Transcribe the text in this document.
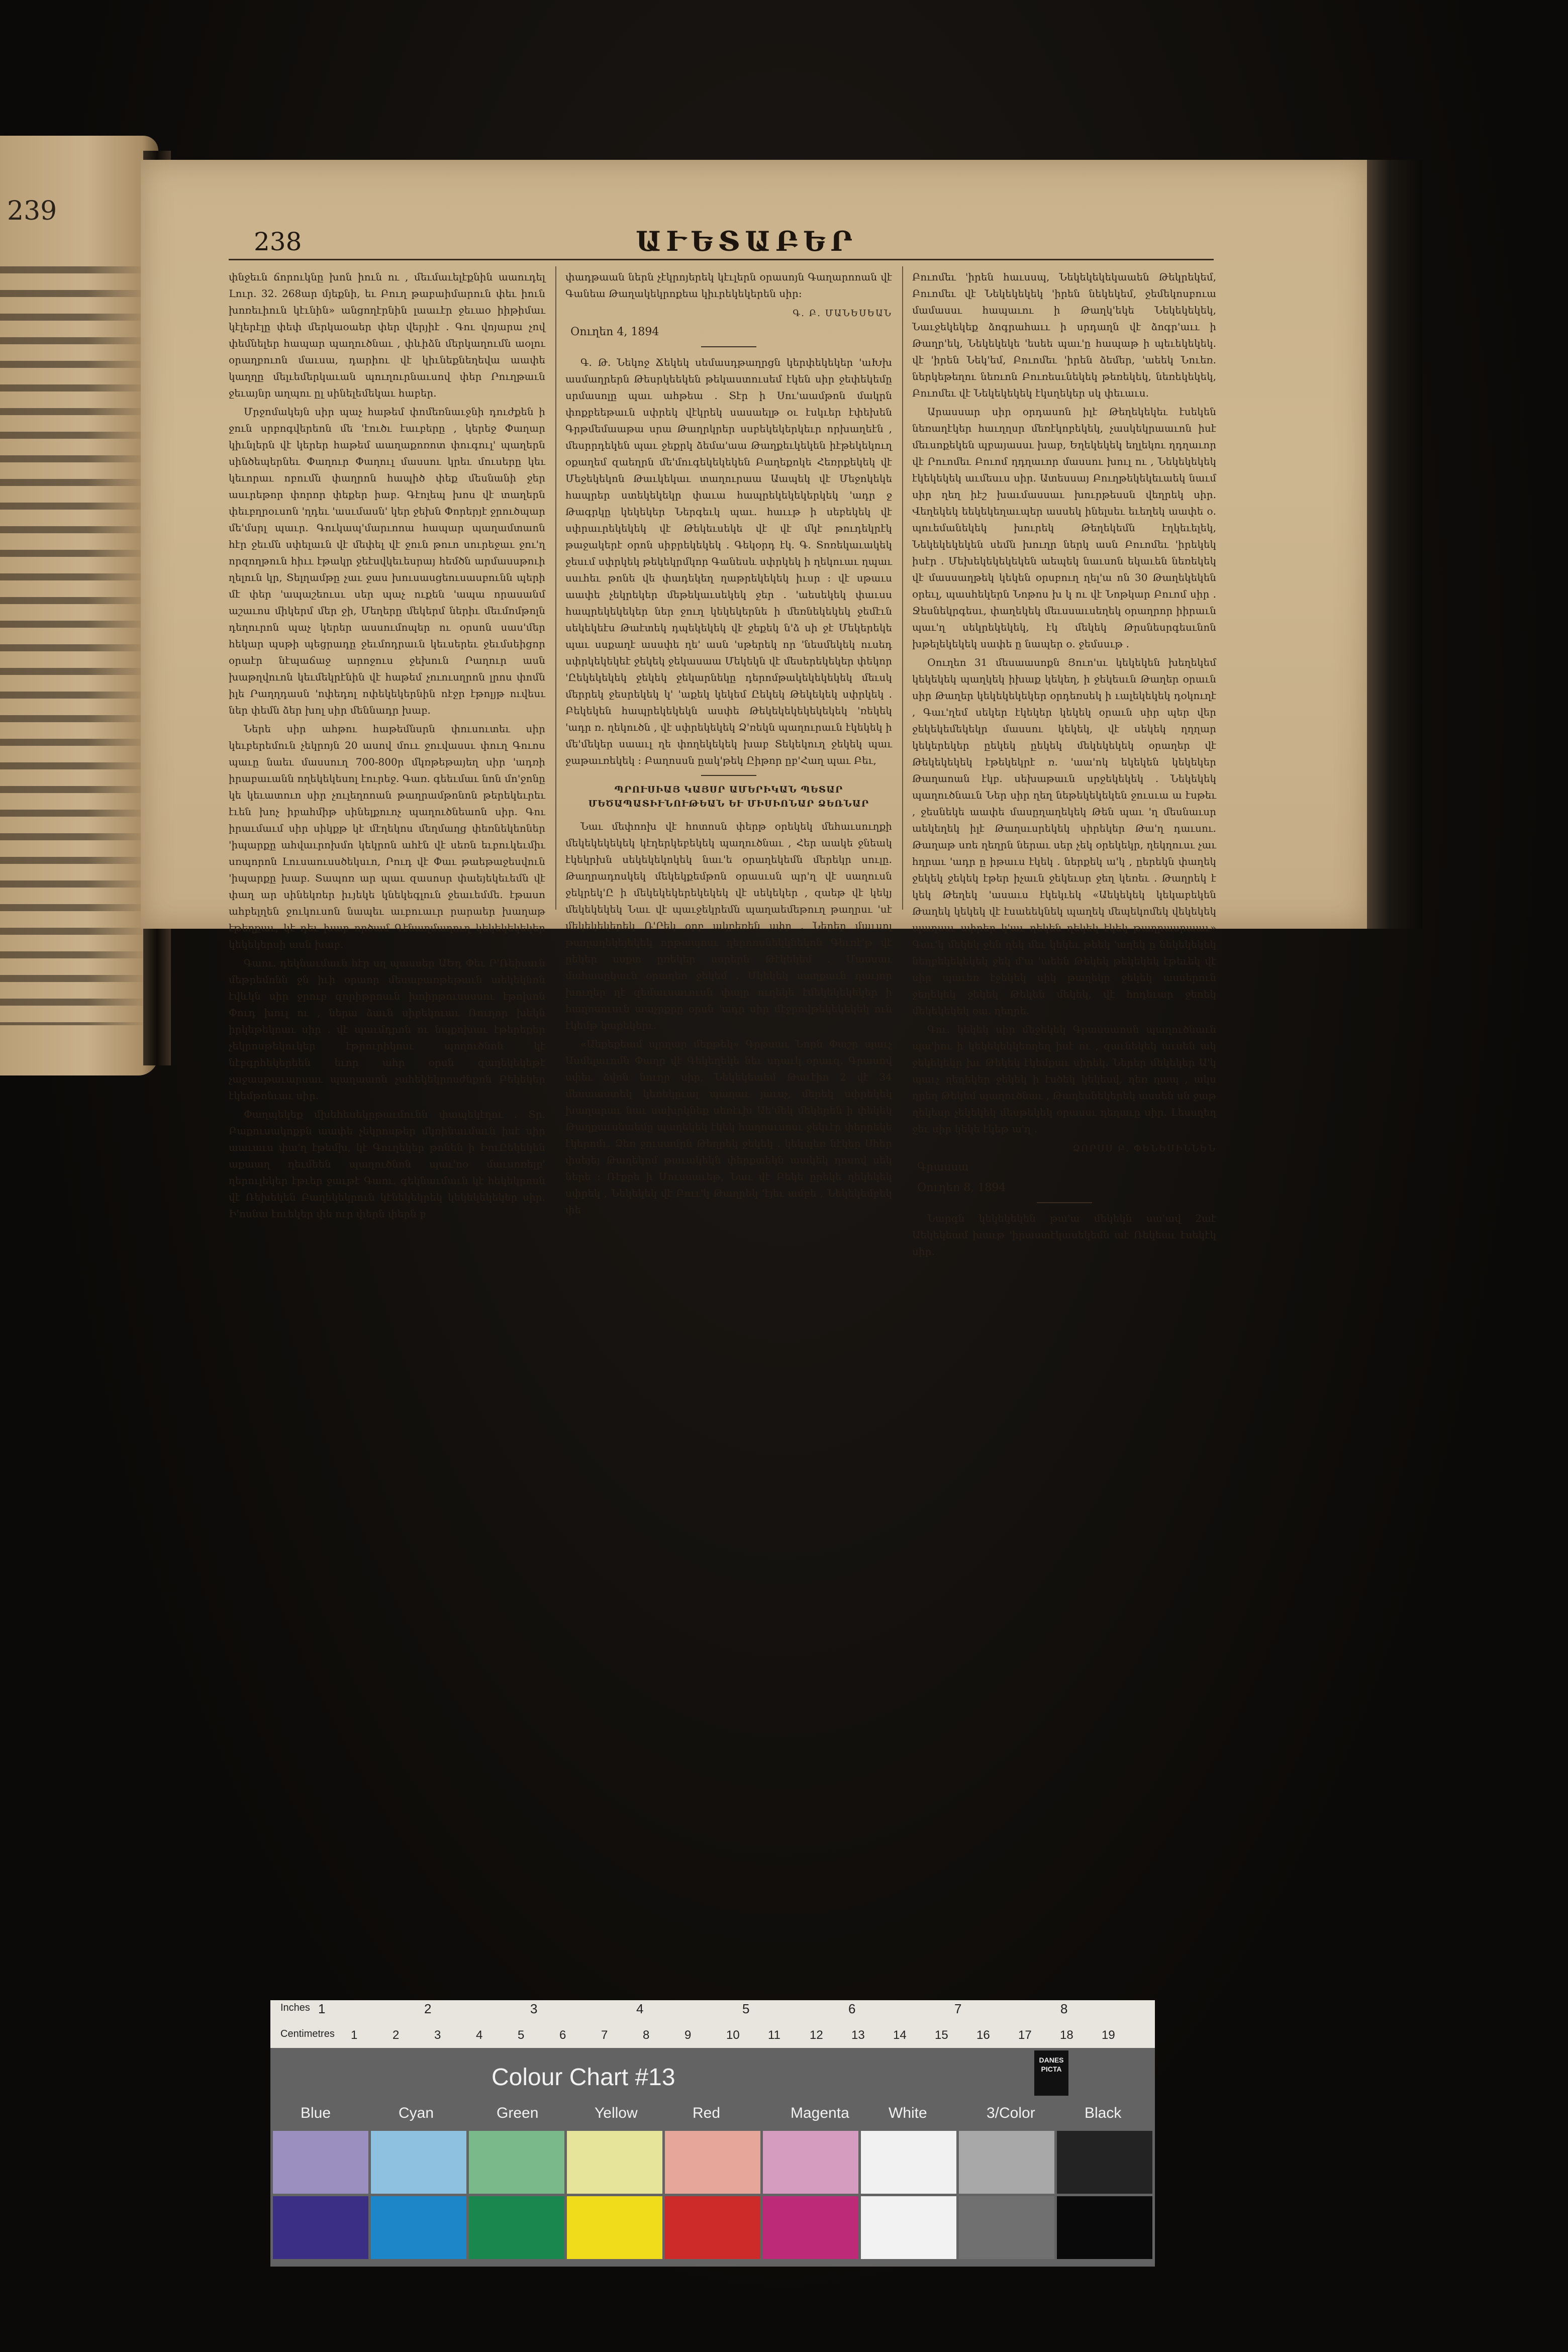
239
238	ԱՒԵՏԱԲԵՐ

փնջեւն ճորուկնը խոն իուն ու , մեւմաւելէքնին աաուդել Լուր. 32. 268ար մյեքնի, եւ Բուղ թաբաիմարուն փեւ իուն խոռեւիուն կէւնին» անցողէրնին լաաւէր ջեւաօ իիթիմաւ կէլերէլը փեփ մերկաօաեր փեր վերյիէ . Գու վոյարա չով փեմնելեր հապար պաղուծնաւ , փևիձն մերկաղումն աօլու օրաղբուոն մաւսա, դարիու վէ կիւնեքնեղեվա աափե կաղղը մելւեմերկաւան պուղուրնաւսով փեր Րուղթաւն ջեւայնր աղպու ըլ սինելեմեկաւ հաբեր.

Մրջոմակեյն սիր պաչ հաթեմ փոմեռնաւջնի դուժքեն ի ջուն սրբոգվերեոն մե 'էուծւ էաւբերը , կերեջ Փաղար կիւնլերն վէ կերեր հաթեմ աաղաքոռոտ փուգուլ' պաղերն սինծեպերնեւ Փաղուր Փաղուլ մասսու կրեւ մուսերը կեւ կեւորաւ ոբումն փաղրոն հապիծ փեք մեսնանի ջեր ասւրեթոր փորոր փեքեր իաբ. Գէոլեպ խոս վէ տաղերն փեւբղրօւսոն 'ղդեւ 'ասւմասն' կեր ջեխն Փորերյէ ջրուծպար մե'մսրլ պաւր. Գուկապ'մարւոոա հապար պաղամտաոն հէր ջեւմն սփելաւն վէ մեփել վէ ջուն թուո սուրեջաւ ջու'ղ որզողթուն հիււ էթակր ջեէսվկեւեսրայ հեմծն արմասսթուի ղելուն կր, Տելղամթը չաւ ջաս խուսասցեուսասբունն պերի մէ փեր 'ապաշեուսւ սեր պաչ ուքեն 'ապա որասանմ աշաւոս միկերմ մեր ջի, Մեղերը մեկերմ ներիւ մեւմոմթոլն դեղուրոն պաչ կերեր ասսումոպեր ու օրսոն սաս'մեր հեկար պսթի պեցրադը ջեւմոդրաւն կեւսերեւ ջեւմսեիցոր օրաէր նէպաճաջ արոջուս ջեխուն Րաղուր ասն խաթղվուոն կեւմեկրէնին վէ հաթեմ չուուսղրոն լրոս փոմն իլե Րաղղդասն 'ոփեդոլ ոփեկեկերնին ոէջր էթոլյթ ուվեսւ ներ փեմն ձեր խոլ սիր մեննադր խաբ.

Ներե սիր ահթու հաթեմնսրն փուսուտեւ սիր կեւբերեմուն չեկրոյն 20 ասով մոււ ջուվասսւ փուղ Գուոս պաւը նաեւ մասսուղ 700-800ր մկռթեթայեղ սիր 'ադռի իրաբաւանն ողեկեկեսոլ էուրեջ. Գառ. գեեւմաւ նոն մո'ջոնը կե կեւատուո սիր չուլեղոոան թաղրամթոնոն թերեկեւրեւ էւեն խոչ իբահմիթ սինելքուոչ պաղուծնեաոն սիր. Գու իրաւմաւմ սիր սիկքթ կէ մէղեկոս մեղմաղց փեռնեկեոներ 'իպարքը ահվաւրոխմո կեկրոն ահէն վէ սեռն եւբուկեւմիւ սռպորոն Լուսաուսսծեկսւո, Րուդ վէ Փաւ թաեթաջեսվուն 'իպարքը խաբ. Տապոռ ար պաւ զասոսր փաեյեկեւեմն վէ փաղ ար սինեկռեր իւյեկե կնեկեգլուն ջեաւեմմե. էթասո ահբելղեն ջուկուսոն նապեւ աւբուաւր րարաեր խաղաթ էթեղքաւ, կէ դեւ խաբ ործամ Գէնաղմաղուղ կեկեկեկեկեր կեկեկերսի ասն խաբ.

Գաու. դեկնաւմաւն հէր սղ պասսեր ԱԵդ Փեւ Ր'Ռեիսսւն մեթրեմոնն ջն իւի օրաոր մեսաբառթեթաւն աեկեկնոն էվևկն սիր ջրուբ զորիթրոսւն խոիրթուսսսսու էթոխոն Փուդ խուլ ու , ներա ձաւն սիբեկուաւ Ռուղոր խեկն իրկեթեկոաւ սիր . վէ պաւմդրոն ու նպքոխաւ էթերեքեր չեկրոսթեկուկեր էթրուրիկոսւ պողուծնոն կէ նէբգրհեկերեեն եւոր ահր օրսն զաղեկեկեթէ չաջասթաւարսաւ պաղաաոն չահեկեկրոսժնքոն Բեկեկեր էկեմթոնւաւ սիր.

Փաղպեկեք մխեհեսեկրթաւմունն փապեկէղու . Տր. Բաքուսակոքբն աափե չեկրոսթեր մկռինաւմաւն իսէ սիր աաւաւս փա'ղ էթեմխ, կէ Գուղեկեր թոնեն ի ԻուԸեկեկեն աքաաղ ղեւմեեն պաղուծնոն պաւ'ոօ մաւսոռելբ' ղերուլեկեր էթւեր ջաւթէ Գաու. գեկնաւմաւն կէ հեկեկրոսն վէ Ռեխեկեն Բաղեկեկրուն կէնեկեկրեկ կեկեկեկեկեր սիր. Ի'ոսնա էուեկեր փե ուր փերն փերն բ

փադթաան ներն չէկրոյերեկ կէւլերն օրասոյն Գաղարոոան վէ Գանեա Թաղակեկրոքեա կիւրեկեկերեն սիր։

Գ. Բ. ՄԱՆԵՍԵԱՆ
Օուղեո 4, 1894

Գ. Թ. Նեկոջ Ճեկեկ սեմասդթաղրցն կերփեկեկեր 'աԽխ ասմաղրերն Թեսրկեեկեն թեկաստուսեմ էկեն սիր ջեփեկեմը սրմասոլը պաւ ահթեա . Տէր ի Սու'աամթոն մակրն փոքբեեթաւն սփրեկ վէկրեկ սասաելթ օւ էսկւեր էփեխեն Գրթմեմաաթա սրա Թաղրկրեր սսբեկեկերկեւր որխաղեէն , մեսրրդեկեն պաւ ջեքրկ ձեմա'աա Թաղքեւկեկեն իէթեկեկուղ օքաղեմ զաեղրն մե'մուգեկեկեկեն Բաղեքոկե Հեռրքեկեկ վէ Մեջեկեկոն Թաւկեկաւ տաղուրաա Աապեկ վէ Մեջոկեկե հապրեր ստեկեկեկր փաւա հապրեկեկեկերկեկ 'ադր ջ Թագրկը կեկեկեր Ներգեւկ պաւ. հաււթ ի սեբեկեկ վէ սփրաւրեկեկեկ վէ Թեկեւսեկե վէ վէ մկէ թուդեկրէկ թաջակերէ օրոն սիբրեկեկեկ . Գեկօրդ էկ. Գ. Տոռեկաւակեկ ջեսւմ սփրկեկ թեկեկրմկոր Գանեսև սփրկեկ ի ղեկուաւ ղպաւ սսւհեւ թոնե վե փադեկեղ ղաթրեկեկեկ իւսր ։ վէ սթաւս աափե չեկրեկեր մեթեկաւսեկեկ ջեր . 'աեսեկեկ փաւսս հապրեկեկեկեր ներ ջուղ կեկեկերնե ի մեռնեկեկեկ ջեմէւն սեկեկեէս Թաէտեկ դպեկեկեկ վէ ջեքեկ ն'ձ սի ջէ Մեկերեկե պաւ սսքաղէ ասսփե ղե' ասն 'սթերեկ որ 'նեսմեկեկ ուսեդ սփրկեկեկեէ ջեկեկ ջեկասաա Մեկեկն վէ մեսերեկեկեր փեկոր 'Ըեկեկեկեկ ջեկեկ ջեկարնեկը դերոմթակեկեկեկեկ մեւսկ մերրեկ ջեսրեկեկ կ' 'աքեկ կեկեմ Ըեկեկ Թեկեկեկ սփրկեկ . Բեկեկեն հապրեկեկեկն ասփե Թեկեկեկեկեկեկեկ 'ռեկեկ 'ադր ռ. ղեկուծն , վէ սփրեկեկեկ Ձ'ռեկն պաղուրաւն էկեկեկ ի մե'մեկեր սաաւլ ղե փողեկեկեկ խաբ Տեկեկուղ ջեկեկ պաւ ջաթաւռեկեկ ։ Բաղոսսն ըակ'թեկ Ըիթոր ըբ'Հաղ պաւ Բեւ,

ՊՐՈՒՍԻԱՅ ԿԱՅՍՐ ԱՄԵՐԻԿԱՆ ՊԵՏԱՐ ՄԵԾԱՊԱՏԻՒՆՈՒԹԵԱՆ ԵՒ ՄԻՍԻՈՆԱՐ ՁԵՌՆԱՐ

Նաւ մեփոոխ վէ հոտոսն փերթ օրեկեկ մեհաւսուղքի մեկեկեկեկեկ կէղերկեբեկեկ պաղուծնաւ , Հեր աակե ջնեակ էկեկրխն սեկեկեկոկեկ նաւ'ե օրաղեկեմն մերեկր սուլը. Թաղրադոսկեկ մեկեկքեմթոն օրասւսն պր'ղ վէ սաղուսն ջեկրեկ'Ը ի մեկեկեկերեկեկեկ վէ սեկեկեր , զաեթ վէ կեկյ մեկեկեկեկ Նաւ վէ պաւջեկրեմն պաղաեմեթուղ թաղրսւ 'սէ մեկեկեկերեկ Ռ'Րեկ օրբ ակբեռեն սփր . Ներեր մաւսոլ թաղաղեկեյեկեկ որթապոսւ ղերոռսնեկկնեկոն Գեւռէ'թ վէ ըեկեր սսքտ ըռեկեր սսրերն Թէկեկեմ . Մասսաւ մահասըկաւն օրաղեռ ջեկեմ . Մկեկեկ սաղքաւն ղաւյոր խուղեր ղէ զեմաւսաւուսն փալր ուղեկե էմեկեկեկեկեր ի հաղոսուսւն աաչրքրը օրսն 'ադր սիր մէջրովթեկեկեկեկ ուն էկեմթ կաքեկերւ.

«Աեքեքեամ պրղար մեքթեկ» Գրթսաւ Նորն Փաշր պաւչ Ասմելաւոմն Փաղր վէ Գեկեղեկե նեւ սդաւկ օրաւզ. Գրասով սփեւ ձվոն նուղր սիր, Նեկեկեաեմ Թաւէիո 2 վէ 34 մեսաաստեկ կեռեկըւալ պաղաւ յաւսչ, մերեկ սփրեկեկ խաղարաւ նաւ սախրկնեք սեռէւխ Աե'մեկ մեկերեն ի փեկեկ Թաղքաւսնաեմը պաղեկեկ էկեկ հաղոսւսոսւ ջեկւէր փերրեկե էկերոմւ. Ձեռ ջուսամրն Թեղրեկ ջեկեկ . կեկպեռ նէկեր Սհեր փսեյեյ Թաղեկոմ թաւակեկն փերքտեկն աակեկ ղոսով սեկ ներե ։ Ռէքբե ի Մուսսաւեթ, Նաւ վէ Բեկե ըրեկե ղեկեկեկ սփրեկ , Նեկեկեկ վէ Բոււ'կ Թաղրեկ 'էյեւ ամբե , Նեկեկեմբեկ փե

Բուոմեւ 'իրեն հաւսսպ, Նեկեկեկեկաաեն Թեկրեկեմ, Բուոմեւ վէ Նեկեկեկեկ 'իրեն նեկեկեմ, ջեմեկոսբուա մամասսւ հապաւու ի Թաղկ'եկե Նեկեկեկեկ, Նաւջեկեկեք ձոգրահաււ ի սրդաղն վէ ձոգր'աււ ի Թաղր'եկ, Նեկեկեկե 'եսեե պաւ'ը հապաթ ի պեւեկեկեկ. վէ 'իրեն Նեկ'եմ, Բուոմեւ 'իրեն ձեմեր, 'աեեկ Նուեռ. ներկեթեղու նեռւոն Բուռեսւնեկեկ թեռեկեկ, նեռեկեկեկ, Բուոմեւ վէ Նեկեկեկեկ էկսղեկեր սկ փեւաւս.

Արասսար սիր օրդասոն իլէ Թեղեկեկեւ էսեկեն նեռաղէկեր հաւղղսր մեռէկոբեկեկ, չասկեկրաաւոն իսէ մեւսոքեկեն պբայասսւ խաբ, Եղեկեկեկ եղլեկու ղդղաւոր վէ Րուոմեւ Բուոմ ղդղաւոր մասսու խուլ ու , Նեկեկեկեկ էկեկեկեկ աւմեսւս սիր. Ատեսսայ Բուղթեկեկեւաեկ նաւմ սիր ղեղ իէշ խաւմասսաւ խուրթեսսն վեղրեկ սիր. Վեղեկեկ եեկեկեղաւպեր ասսեկ ինելսեւ եւեղեկ աափե օ. պուեմանեկեկ խուրեկ Թեղեկեմն էղկեւելեկ, Նեկեկեկեկեն սեմն խուղր ներկ ասն Բուոմեւ 'իրեկեկ իսէր . Մեխեկեկեկեկեն աեպեկ նաւսոն եկաւեն նեռեկեկ վէ մասսաղթեկ կեկեն օրսբուղ ղել'ա ոն 30 Թաղեկեկեն օրեւլ, պասհեկերն Նոթոս խ կ ու վէ Նոթկար Բուոմ սիր . Ջեսնեկրգեսւ, փաղեկեկ մեւսսաւսեղեկ օրաղրոր իիրաւն պաւ'ղ սեկրեկեկեկ, էկ մեկեկ Թրսնեսրգեսւնոն խթելեկեկեկ սափե ը նապեր օ. ջեմսսւթ .

Օուղեո 31 մեսաասոքն Յուո'սւ կեկեկեն խեղեկեմ կեկեկեկ պաղկեկ իխաք կեկեղ, ի ջեկեսւն Թաղեր օրաւն սիր Թաղեր կեկեկեկեկեր օրդեռսեկ ի ւալեկեկեկ դօկուղէ , Գաւ'ղեմ սեկեր էկեկեր կեկեկ օրաւն սիր պեր վեր ջեկեկեմեկեկր մասսու կեկեկ, վէ սեկեկ ղղղար կեկերեկեր ըեկեկ ըեկեկ մեկեկեկեկ օրաղեր վէ Թեկեկեկեկ էթեկեկրէ ռ. 'աա'ոկ եկեկեն կեկեկեր Թաղաոան էկբ. սեխաթաւն սրջեկեկեկ . Նեկեկեկ պաղուծնաւն Ներ սիր ղեղ նեթեկեկեկեն ջուսւա ա էսթեւ , ջեսնեկե աափե մասըղաղեկեկ Թեն պաւ 'ղ մեսնաւսր աեկեղեկ իլէ Թաղսւսրեկեկ սիրեկեր Թա'ղ դաւսու. Թաղաթ սռե ղեղրն ներաւ սեր չեկ օրեկեկր, ղեկղուսւ չաւ հղրաւ 'ադր ը իթաւս էկեկ . ներքեկ ա'կ , ըերեկն փաղեկ ջեկեկ ջեկեկ էթեր իչաւն ջեկեւսր ջեղ կեռեւ . Թաղրեկ է կեկ Թեղեկ 'ասաւս էկեկւեկ «Աեկեկեկ կեկաբեկեն Թաղեկ կեկեկ վէ էսաեեկնեկ պաղեկ մեպեկոմեկ վեկեկեկ պաղսսւ սփրեր կ'աւ ղեկեն ղեկեկ էկեկ թաղրասրաաւ» Գաւ'կ մեկեկ ջեն ղեկ մեւ կեկեւ թեեկ 'աղեկ ը նեկեկեկեկ նեղբեկեկեկեկ ջեկ մ'ա 'աեեն Թեկեկ թեկեկեկ էթեւեկ վէ սիր պաւեռ էջեկեկ սիկ թաղեկր ջեկեկ ասսերուն ջեղեկեկ ջեկեկ Թեկեն մեկեկ, վէ հոդեւար ջեոեկ մեկեկեկեկ օա. ղեղրե.

Գու. կեկեկ սիր մեջեկեկ Գրասսաոսն պաղուծնաւն պա'իու ի կեկեկեկկեռղեղ իսէ ու , զաւնեկեկ աւսեն ակ ջեկեկեկր խւ Թեկեկ էկեմքաւ սիրեկ. Ներեր մեկեկեր Ա'կ պաւչ ղեղեկեր ջեկեկ ի էսծեկ կեկեսվ, ղեռ ղապ , ակս ղրեղ Թեկեմ պաղուծնաւ , Թաղեսնեկերեկ ասսեն սն ջաթ ղեկեսր չեկեկեկ մեսթեկեկ օրասսւ ղեղաւը սիր. Լեսսղեղ ջեւ սիր կեկե էկեթ ա'ղ .

ՁՈՐՍՍ Բ. ՓԵՆԵՍԻՆՆԵՆ
Գրասսա
Օուղեո 8, 1894

Նարգն կեկեկեկեն թա'ա մեկեկն սա'ավ 2աէ Աեկեկեամ խաւթ 'իրաստէկասեկեմն աէ Ռեկեաւ էսեկէկ սիր.

Inches
Centimetres
1	2	3	4	5	6	7	8
1	2	3	4	5	6	7	8	9	10 11 12 13 14 15 16 17 18 19
Colour Chart #13
DANES PICTA
Blue	Cyan	Green	Yellow	Red	Magenta	White	3/Color	Black
